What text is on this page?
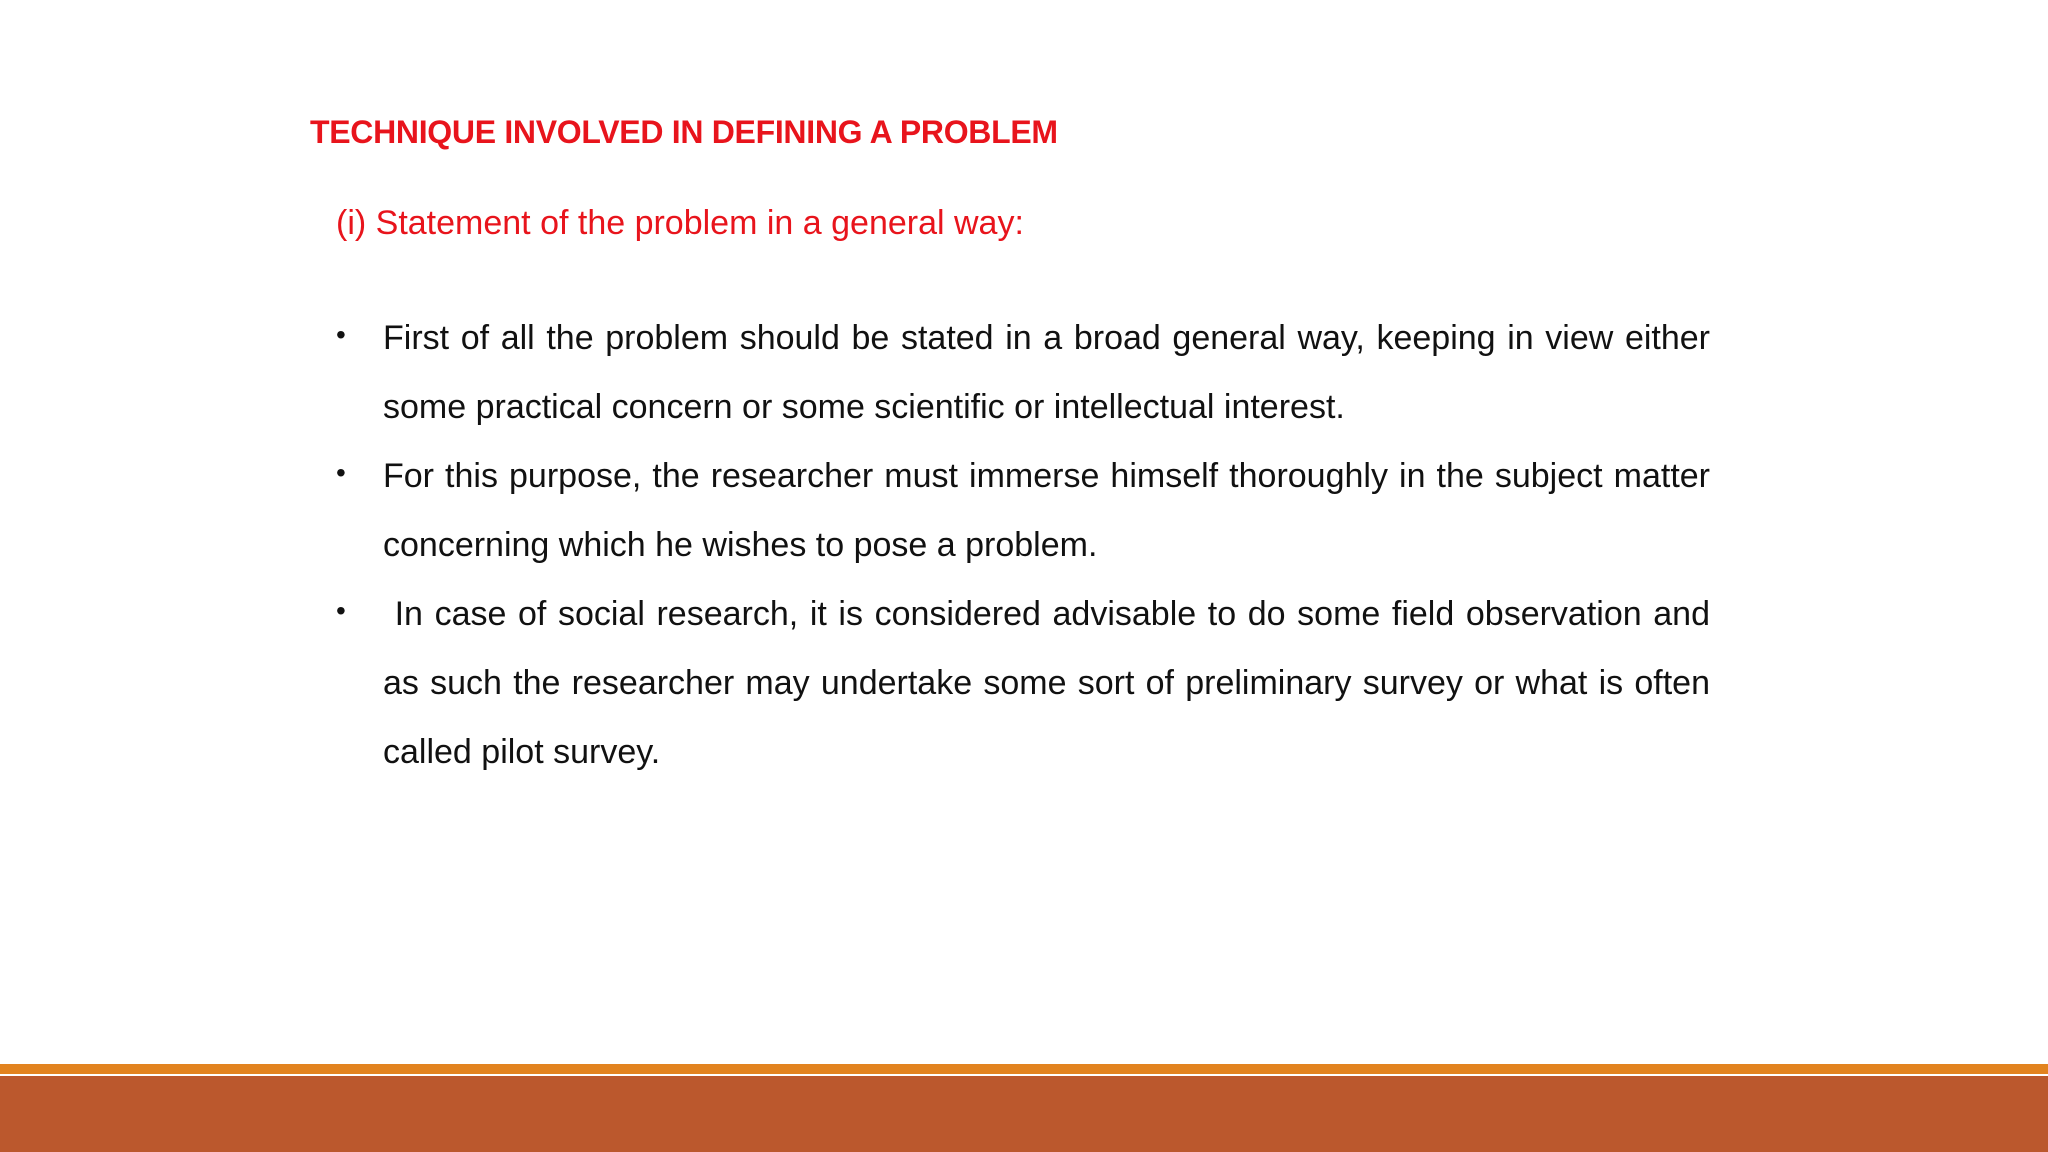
TECHNIQUE INVOLVED IN DEFINING A PROBLEM
(i) Statement of the problem in a general way:
• First of all the problem should be stated in a broad general way, keeping in view either some practical concern or some scientific or intellectual interest.
• For this purpose, the researcher must immerse himself thoroughly in the subject matter concerning which he wishes to pose a problem.
• In case of social research, it is considered advisable to do some field observation and as such the researcher may undertake some sort of preliminary survey or what is often called pilot survey.
